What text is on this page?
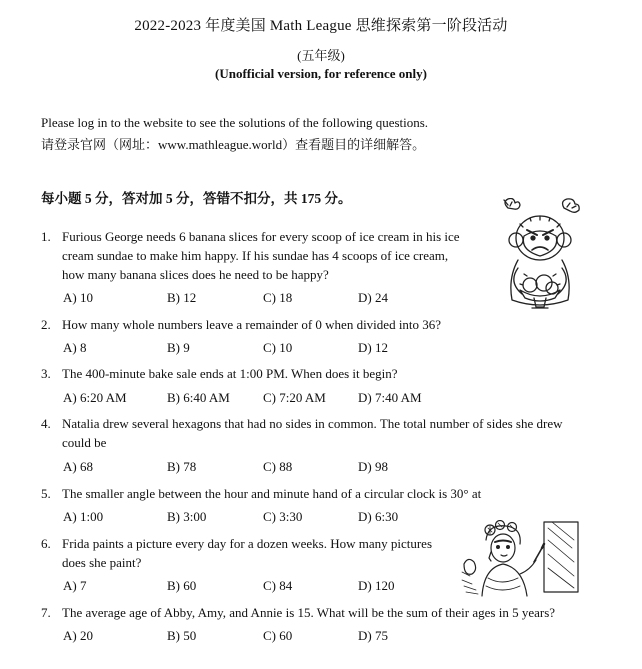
2022-2023 年度美国 Math League 思维探索第一阶段活动
(五年级)
(Unofficial version, for reference only)
Please log in to the website to see the solutions of the following questions.
请登录官网（网址：www.mathleague.world）查看题目的详细解答。
每小题 5 分，答对加 5 分，答错不扣分，共 175 分。
1. Furious George needs 6 banana slices for every scoop of ice cream in his ice
cream sundae to make him happy. If his sundae has 4 scoops of ice cream,
how many banana slices does he need to be happy?
A) 10	B) 12	C) 18	D) 24
2. How many whole numbers leave a remainder of 0 when divided into 36?
A) 8	B) 9	C) 10	D) 12
3. The 400-minute bake sale ends at 1:00 PM. When does it begin?
A) 6:20 AM	B) 6:40 AM	C) 7:20 AM D) 7:40 AM
4. Natalia drew several hexagons that had no sides in common. The total number of sides she drew
could be
A) 68	B) 78	C) 88	D) 98
5. The smaller angle between the hour and minute hand of a circular clock is 30° at
A) 1:00	B) 3:00	C) 3:30	D) 6:30
6. Frida paints a picture every day for a dozen weeks. How many pictures
does she paint?
A) 7	B) 60	C) 84	D) 120
7. The average age of Abby, Amy, and Annie is 15. What will be the sum of their ages in 5 years?
A) 20	B) 50	C) 60	D) 75
